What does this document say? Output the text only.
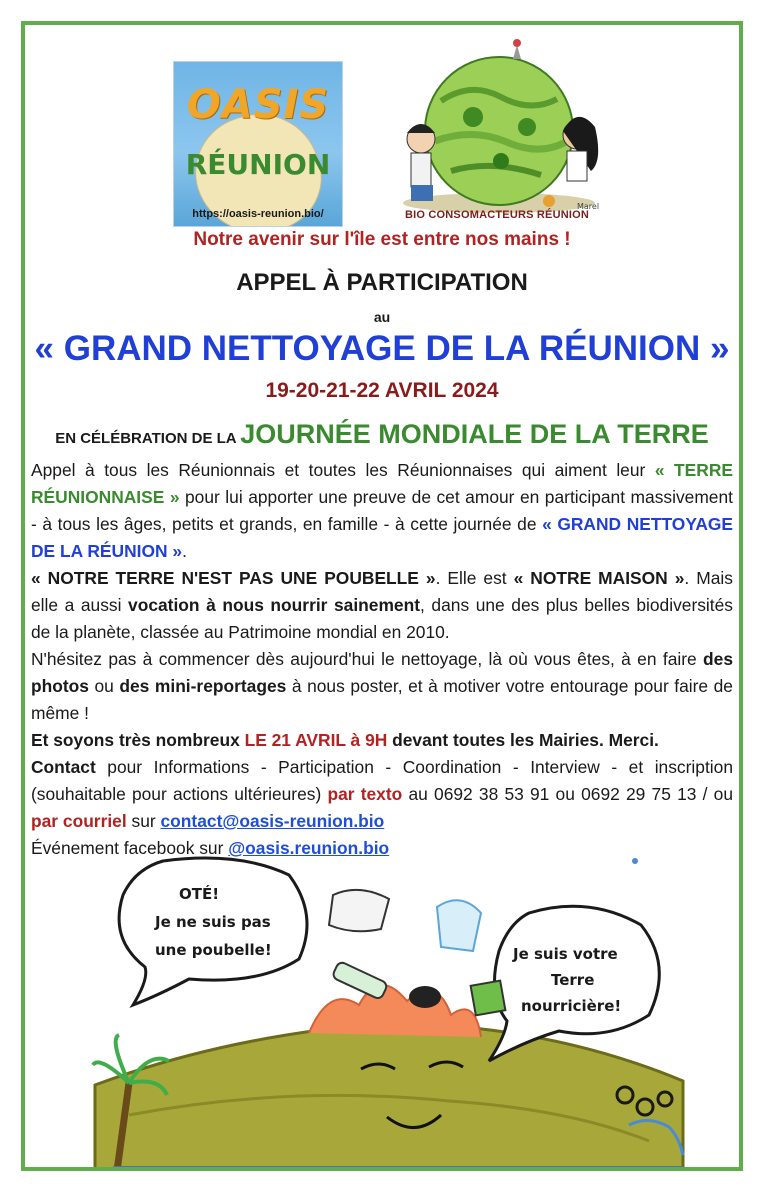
OASIS
RÉUNION
https://oasis-reunion.bio/
Marel
BIO CONSOMACTEURS RÉUNION
Notre avenir sur l'île est entre nos mains !
APPEL À PARTICIPATION
au
« GRAND NETTOYAGE DE LA RÉUNION »
19-20-21-22 AVRIL 2024
EN CÉLÉBRATION DE LA JOURNÉE MONDIALE DE LA TERRE

Appel à tous les Réunionnais et toutes les Réunionnaises qui aiment leur « TERRE RÉUNIONNAISE » pour lui apporter une preuve de cet amour en participant massivement - à tous les âges, petits et grands, en famille - à cette journée de « GRAND NETTOYAGE DE LA RÉUNION ».

« NOTRE TERRE N'EST PAS UNE POUBELLE ». Elle est « NOTRE MAISON ». Mais elle a aussi vocation à nous nourrir sainement, dans une des plus belles biodiversités de la planète, classée au Patrimoine mondial en 2010.

N'hésitez pas à commencer dès aujourd'hui le nettoyage, là où vous êtes, à en faire des photos ou des mini-reportages à nous poster, et à motiver votre entourage pour faire de même !

Et soyons très nombreux LE 21 AVRIL à 9H devant toutes les Mairies. Merci.

Contact pour Informations - Participation - Coordination - Interview - et inscription (souhaitable pour actions ultérieures) par texto au 0692 38 53 91 ou 0692 29 75 13 / ou par courriel sur contact@oasis-reunion.bio

Événement facebook sur @oasis.reunion.bio

OTÉ!
Je ne suis pas
une poubelle!	Je suis votre
Terre
nourricière!
